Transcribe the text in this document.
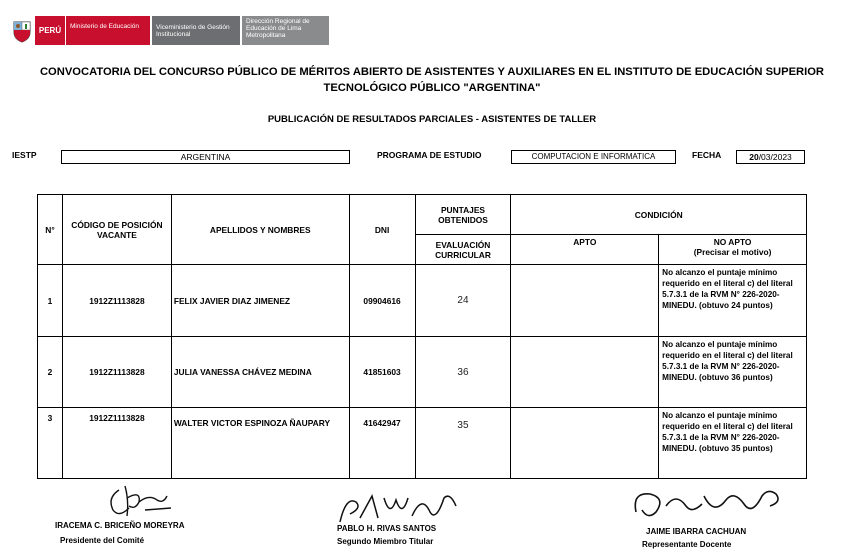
PERÚ	Ministerio de Educación	Viceministerio de Gestión Institucional
Dirección Regional de Educación de Lima Metropolitana
CONVOCATORIA DEL CONCURSO PÚBLICO DE MÉRITOS ABIERTO DE ASISTENTES Y AUXILIARES EN EL INSTITUTO DE EDUCACIÓN SUPERIOR TECNOLÓGICO PÚBLICO "ARGENTINA"
PUBLICACIÓN DE RESULTADOS PARCIALES - ASISTENTES DE TALLER
IESTP	ARGENTINA	PROGRAMA DE ESTUDIO	COMPUTACION E INFORMATICA	FECHA	20/03/2023
N°	CÓDIGO DE POSICIÓN VACANTE	APELLIDOS Y NOMBRES	DNI	PUNTAJES OBTENIDOS	CONDICIÓN	
				EVALUACIÓN CURRICULAR	APTO	NO APTO
(Precisar el motivo)

1	1912Z1113828	FELIX JAVIER DIAZ JIMENEZ	09904616	24		No alcanzo el puntaje mínimo requerido en el literal c) del literal 5.7.3.1 de la RVM N° 226-2020-MINEDU. (obtuvo 24 puntos)
2	1912Z1113828	JULIA VANESSA CHÁVEZ MEDINA	41851603	36		No alcanzo el puntaje mínimo requerido en el literal c) del literal 5.7.3.1 de la RVM N° 226-2020-
MINEDU. (obtuvo 36 puntos)
3	1912Z1113828	WALTER VICTOR ESPINOZA ÑAUPARY	41642947	35		No alcanzo el puntaje mínimo requerido en el literal c) del literal 5.7.3.1 de la RVM N° 226-2020-
MINEDU. (obtuvo 35 puntos)
IRACEMA C. BRICEÑO MOREYRA
Presidente del Comité
PABLO H. RIVAS SANTOS
Segundo Miembro Titular
JAIME IBARRA CACHUAN
Representante Docente
